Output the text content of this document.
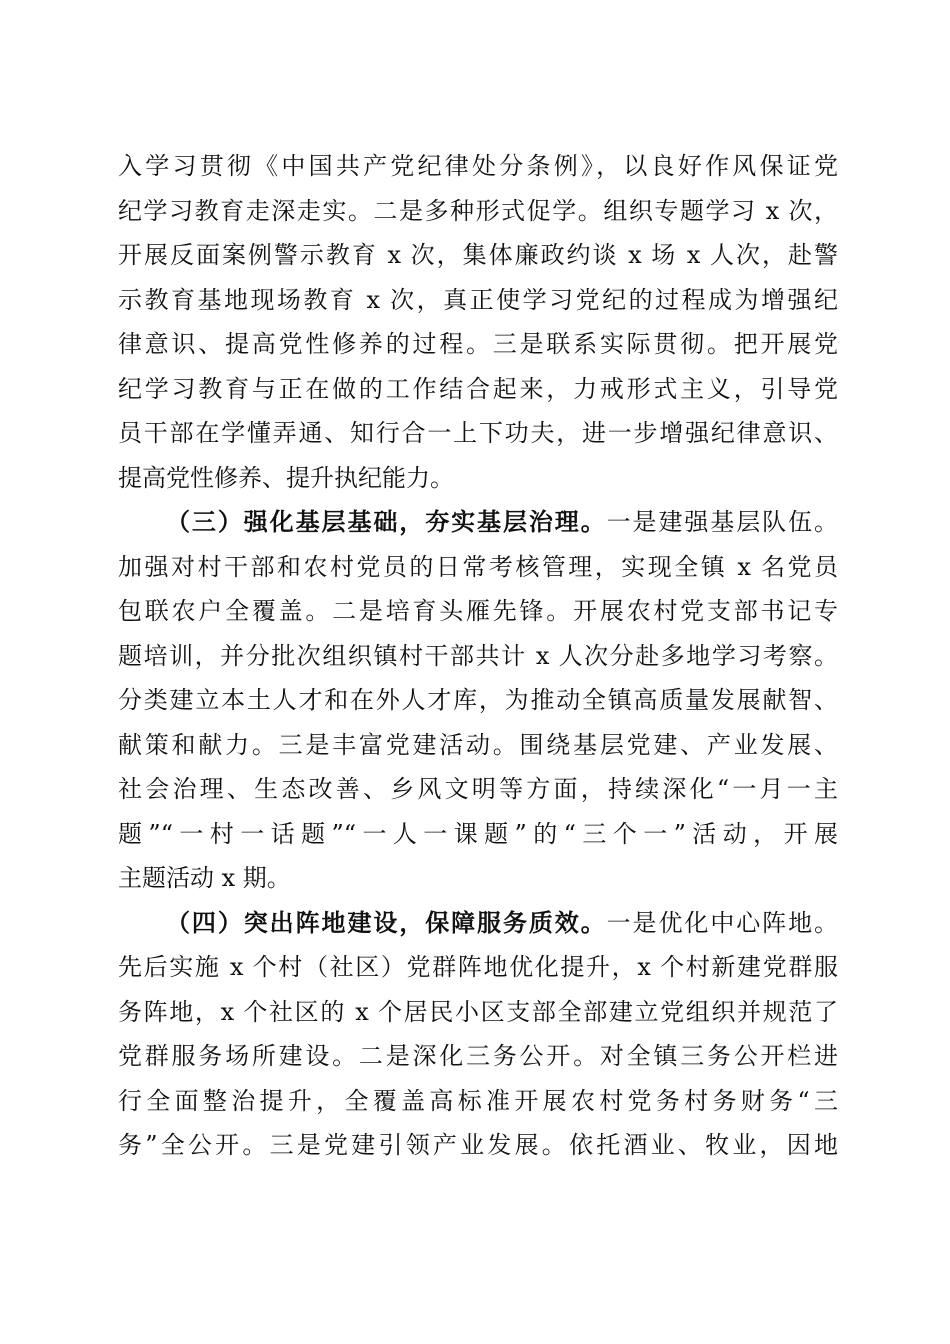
入学习贯彻《中国共产党纪律处分条例》，以良好作风保证党
纪学习教育走深走实。二是多种形式促学。组织专题学习 x 次，
开展反面案例警示教育 x 次，集体廉政约谈 x 场 x 人次，赴警
示教育基地现场教育 x 次，真正使学习党纪的过程成为增强纪
律意识、提高党性修养的过程。三是联系实际贯彻。把开展党
纪学习教育与正在做的工作结合起来，力戒形式主义，引导党
员干部在学懂弄通、知行合一上下功夫，进一步增强纪律意识、
提高党性修养、提升执纪能力。
（三）强化基层基础，夯实基层治理。一是建强基层队伍。
加强对村干部和农村党员的日常考核管理，实现全镇 x 名党员
包联农户全覆盖。二是培育头雁先锋。开展农村党支部书记专
题培训，并分批次组织镇村干部共计 x 人次分赴多地学习考察。
分类建立本土人才和在外人才库，为推动全镇高质量发展献智、
献策和献力。三是丰富党建活动。围绕基层党建、产业发展、
社会治理、生态改善、乡风文明等方面，持续深化“一月一主
题”“一村一话题”“一人一课题”的“三个一”活动，开展
主题活动 x 期。
（四）突出阵地建设，保障服务质效。一是优化中心阵地。
先后实施 x 个村（社区）党群阵地优化提升，x 个村新建党群服
务阵地，x 个社区的 x 个居民小区支部全部建立党组织并规范了
党群服务场所建设。二是深化三务公开。对全镇三务公开栏进
行全面整治提升，全覆盖高标准开展农村党务村务财务“三
务”全公开。三是党建引领产业发展。依托酒业、牧业，因地
